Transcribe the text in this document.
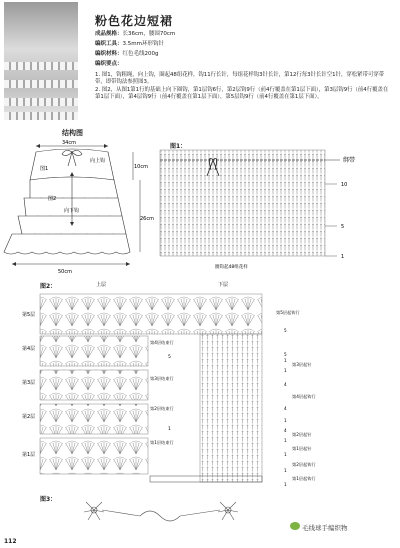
粉色花边短裙
成品规格：长36cm，腰围70cm
编织工具：3.5mm环形钩针
编织材料：红色毛线200g
编织要点：
1. 图1，钩粗绳，向上钩，圈起48组花样，钩11行长针，每组花样钩3针长针，第12行每3针长针空1针，穿松紧带可穿带带，即带钩法参照图3。
2. 图2，从图1第1行的基础上向下圈钩，第1层钩6行，第2层钩9行（前4行覆盖在第1层下面），第3层钩9行（前4行覆盖在第1层下面），第4层钩9行（前4行覆盖在第1层下面），第5层钩9行（前4行覆盖在第1层下面）。
结构图
34cm
图1
向上钩
图2
向下钩
10cm
26cm
50cm
图1：
绑带
10
5
1
圈钩起48组花样
图2：	上层	下层
第5层
第4层
第3层
第2层
第1层
第4层结束行
第3层结束行
第2层结束行
第1层结束行
5
1
第5层起钩行
5
5
1
第3层起针
1
4
第4层起钩行
4
1
4
第2层起针
1
第1层起针
1
第2层起钩行
1
第1层起钩行
1
图3：
112
毛线球手编织物
